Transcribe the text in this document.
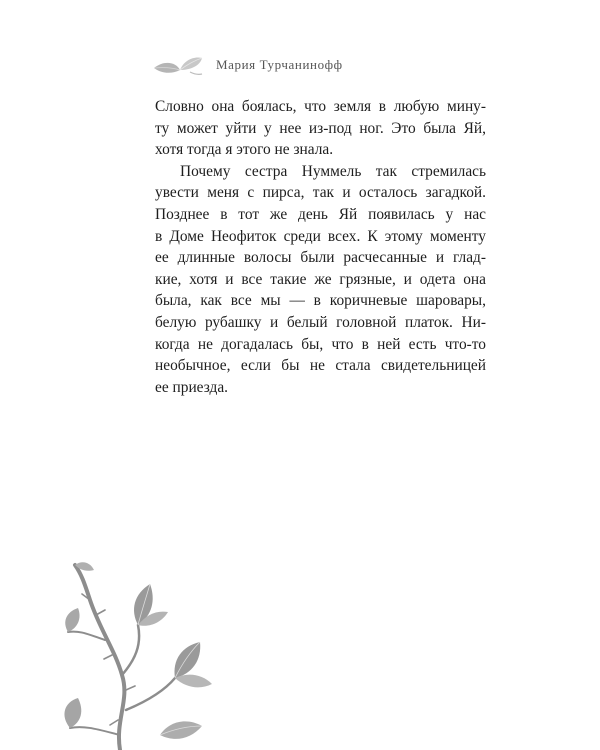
Мария Турчанинофф
Словно она боялась, что земля в любую мину-
ту может уйти у нее из-под ног. Это была Яй,
хотя тогда я этого не знала.
Почему сестра Нуммель так стремилась
увести меня с пирса, так и осталось загадкой.
Позднее в тот же день Яй появилась у нас
в Доме Неофиток среди всех. К этому моменту
ее длинные волосы были расчесанные и глад-
кие, хотя и все такие же грязные, и одета она
была, как все мы — в коричневые шаровары,
белую рубашку и белый головной платок. Ни-
когда не догадалась бы, что в ней есть что-то
необычное, если бы не стала свидетельницей
ее приезда.
